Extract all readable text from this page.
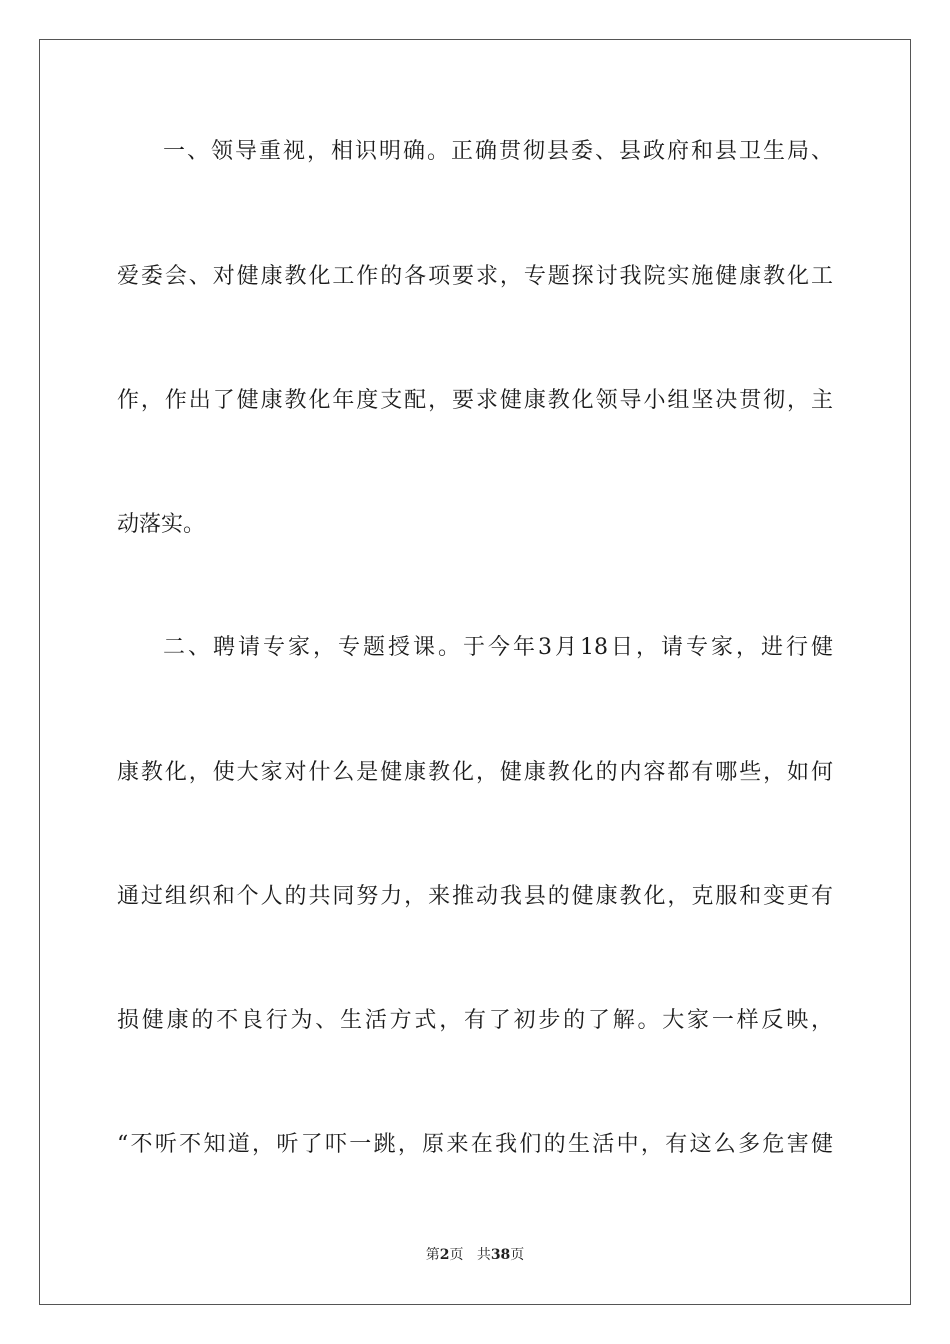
一、领导重视，相识明确。正确贯彻县委、县政府和县卫生局、
爱委会、对健康教化工作的各项要求，专题探讨我院实施健康教化工
作，作出了健康教化年度支配，要求健康教化领导小组坚决贯彻，主
动落实。
二、聘请专家，专题授课。于今年3月18日，请专家，进行健
康教化，使大家对什么是健康教化，健康教化的内容都有哪些，如何
通过组织和个人的共同努力，来推动我县的健康教化，克服和变更有
损健康的不良行为、生活方式，有了初步的了解。大家一样反映，
“不听不知道，听了吓一跳，原来在我们的生活中，有这么多危害健
第2页 共38页
